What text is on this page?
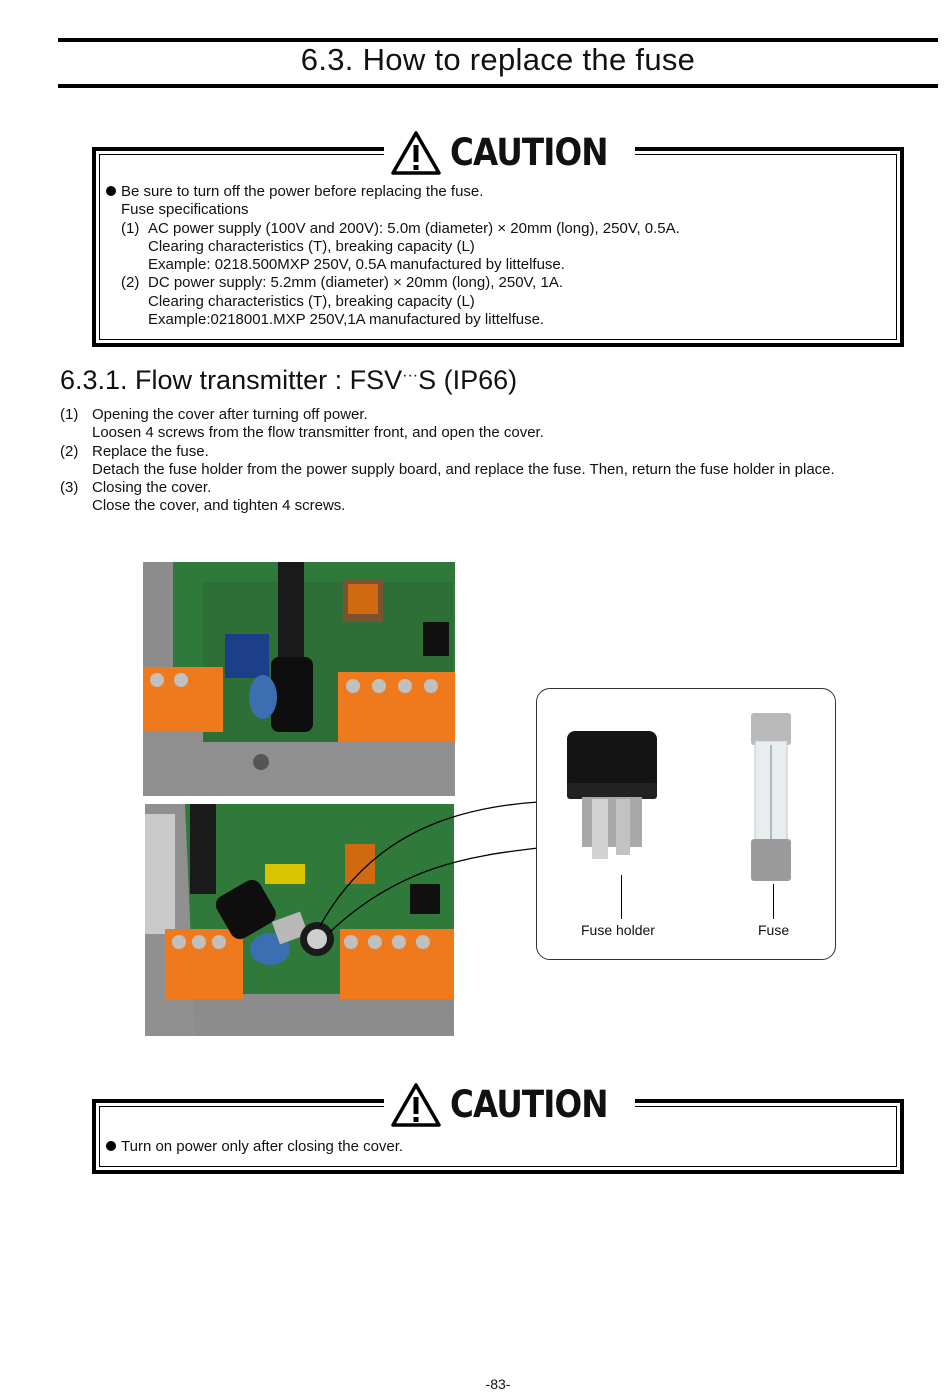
6.3. How to replace the fuse
CAUTION
Be sure to turn off the power before replacing the fuse.
Fuse specifications
(1) AC power supply (100V and 200V): 5.0m (diameter) × 20mm (long), 250V, 0.5A.
Clearing characteristics (T), breaking capacity (L)
Example: 0218.500MXP 250V, 0.5A manufactured by littelfuse.
(2) DC power supply: 5.2mm (diameter) × 20mm (long), 250V, 1A.
Clearing characteristics (T), breaking capacity (L)
Example:0218001.MXP 250V,1A manufactured by littelfuse.
6.3.1. Flow transmitter : FSV···S (IP66)
(1) Opening the cover after turning off power.
Loosen 4 screws from the flow transmitter front, and open the cover.
(2) Replace the fuse.
Detach the fuse holder from the power supply board, and replace the fuse. Then, return the fuse holder in place.
(3) Closing the cover.
Close the cover, and tighten 4 screws.
Fuse holder	Fuse
CAUTION
Turn on power only after closing the cover.
-83-
